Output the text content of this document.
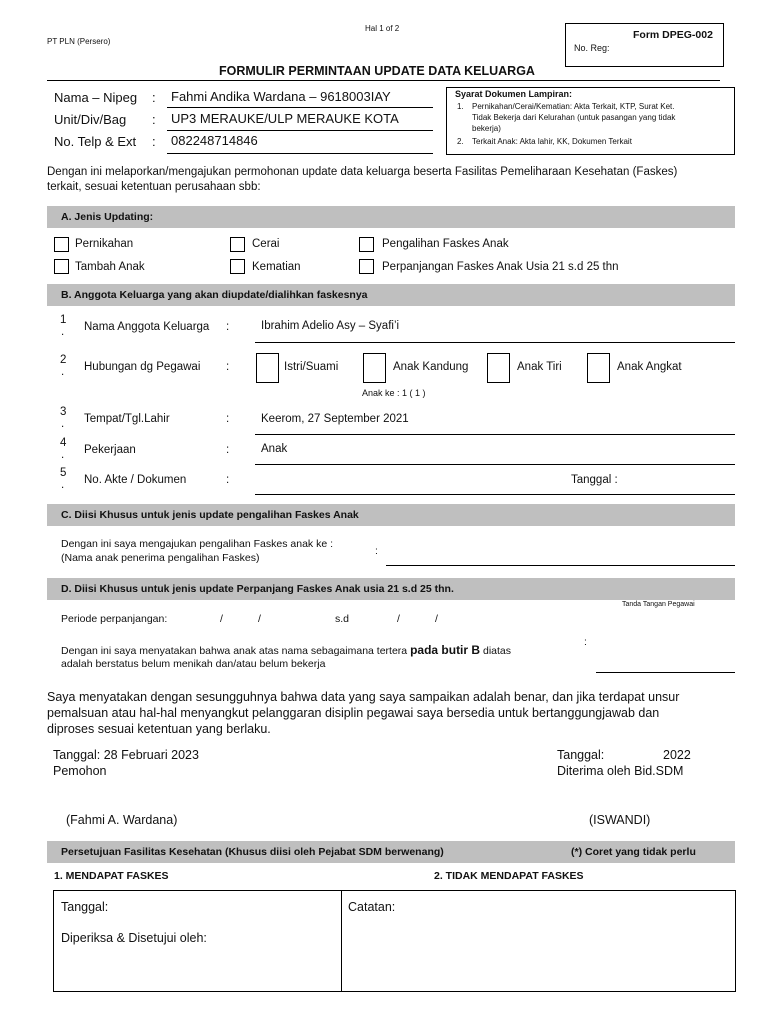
Hal 1 of 2
PT PLN (Persero)
Form DPEG-002
No. Reg:
FORMULIR PERMINTAAN UPDATE DATA KELUARGA
Nama – Nipeg : Fahmi Andika Wardana – 9618003IAY
Unit/Div/Bag : UP3 MERAUKE/ULP MERAUKE KOTA
No. Telp & Ext : 082248714846
Syarat Dokumen Lampiran:
1. Pernikahan/Cerai/Kematian: Akta Terkait, KTP, Surat Ket.
Tidak Bekerja dari Kelurahan (untuk pasangan yang tidak
bekerja)
2. Terkait Anak: Akta lahir, KK, Dokumen Terkait
Dengan ini melaporkan/mengajukan permohonan update data keluarga beserta Fasilitas Pemeliharaan Kesehatan (Faskes)
terkait, sesuai ketentuan perusahaan sbb:
A. Jenis Updating:
Pernikahan	Cerai	Pengalihan Faskes Anak
Tambah Anak	Kematian	Perpanjangan Faskes Anak Usia 21 s.d 25 thn
B. Anggota Keluarga yang akan diupdate/dialihkan faskesnya
1
. Nama Anggota Keluarga :	Ibrahim Adelio Asy – Syafi’i
2
. Hubungan dg Pegawai :	Istri/Suami	Anak Kandung	Anak Tiri	Anak Angkat
Anak ke : 1 ( 1 )
3
. Tempat/Tgl.Lahir	:	Keerom, 27 September 2021
4
. Pekerjaan	:	Anak
5
. No. Akte / Dokumen	:	Tanggal :
C. Diisi Khusus untuk jenis update pengalihan Faskes Anak
Dengan ini saya mengajukan pengalihan Faskes anak ke :
(Nama anak penerima pengalihan Faskes)
:
D. Diisi Khusus untuk jenis update Perpanjang Faskes Anak usia 21 s.d 25 thn.
Tanda Tangan Pegawai
Periode perpanjangan:	/	/	s.d	/	/
Dengan ini saya menyatakan bahwa anak atas nama sebagaimana tertera pada butir B diatas
adalah berstatus belum menikah dan/atau belum bekerja
:
Saya menyatakan dengan sesungguhnya bahwa data yang saya sampaikan adalah benar, dan jika terdapat unsur
pemalsuan atau hal-hal menyangkut pelanggaran disiplin pegawai saya bersedia untuk bertanggungjawab dan
diproses sesuai ketentuan yang berlaku.
Tanggal: 28 Februari 2023
Pemohon
(Fahmi A. Wardana)
Tanggal:	2022
Diterima oleh Bid.SDM
(ISWANDI)
Persetujuan Fasilitas Kesehatan (Khusus diisi oleh Pejabat SDM berwenang)	(*) Coret yang tidak perlu
1. MENDAPAT FASKES	2. TIDAK MENDAPAT FASKES
Tanggal:
Diperiksa & Disetujui oleh:
Catatan:
